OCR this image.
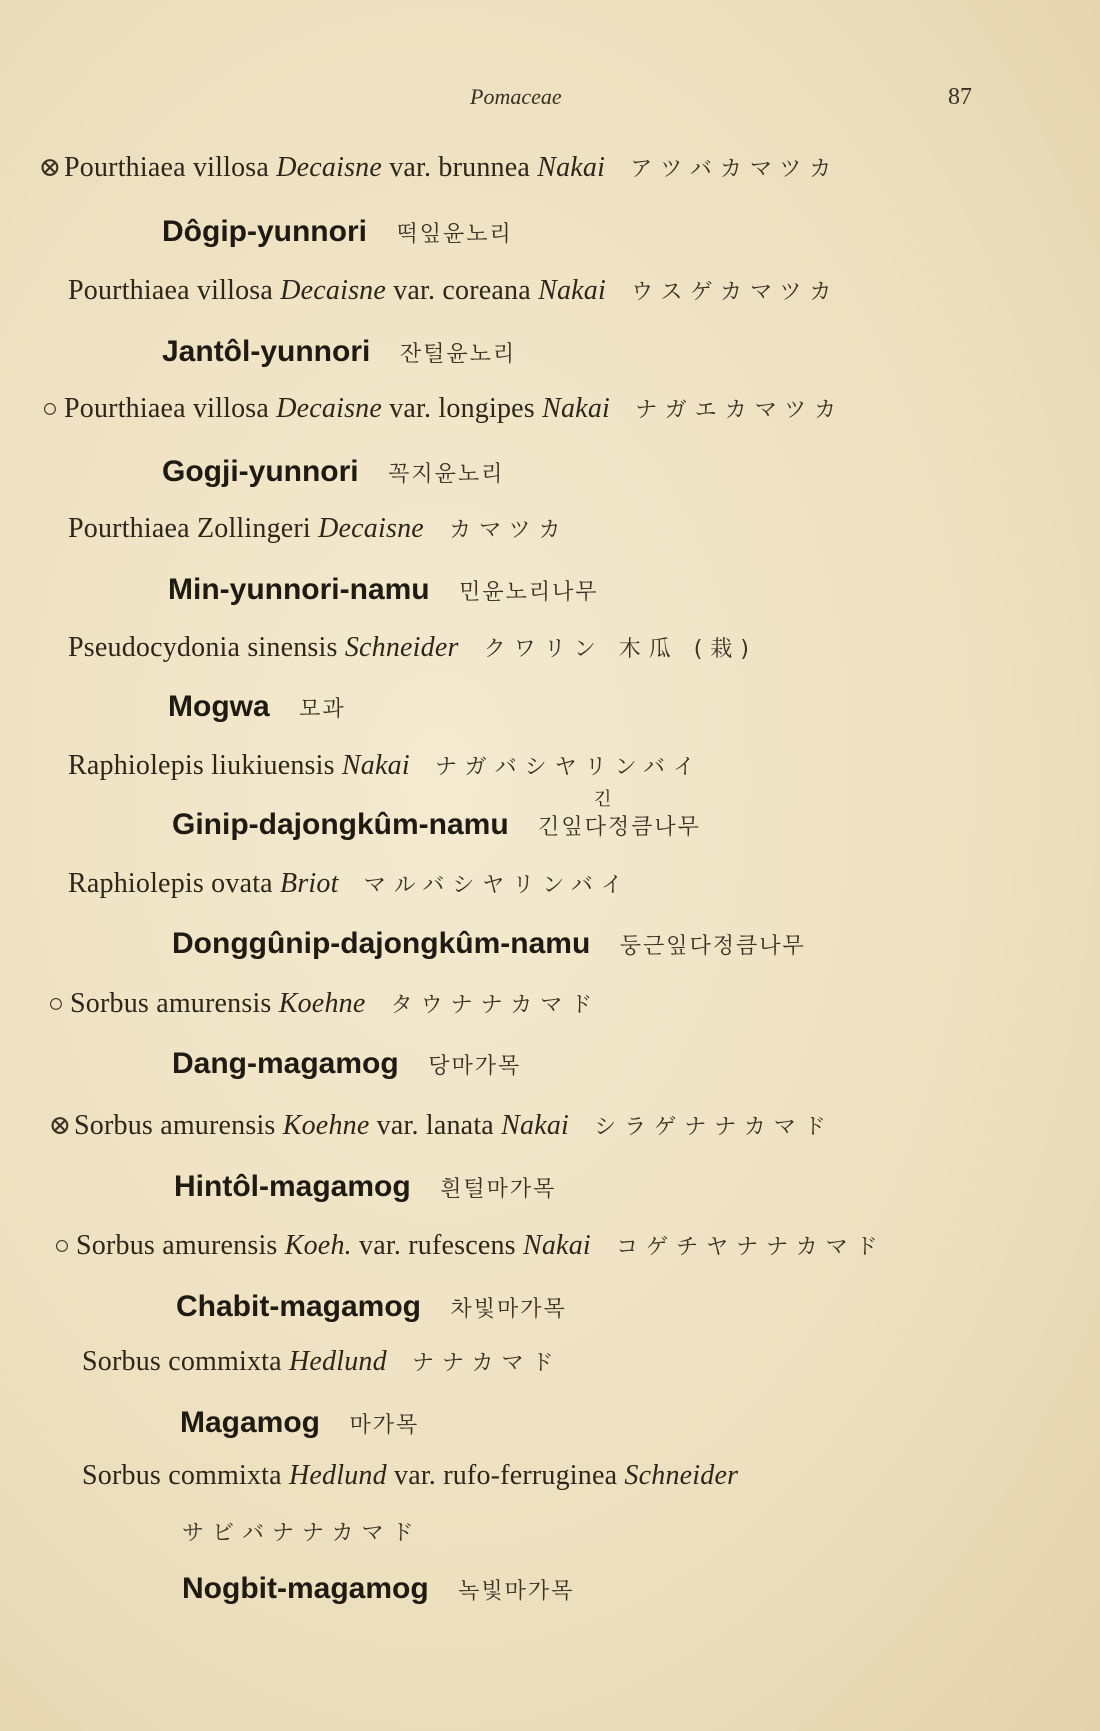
Pomaceae	87
⊗Pourthiaea villosa Decaisne var. brunnea Nakai アツバカマツカ
Dôgip-yunnori 떡잎윤노리
Pourthiaea villosa Decaisne var. coreana Nakai ウスゲカマツカ
Jantôl-yunnori 잔털윤노리
○ Pourthiaea villosa Decaisne var. longipes Nakai ナガエカマツカ
Gogji-yunnori 꼭지윤노리
Pourthiaea Zollingeri Decaisne カマツカ
Min-yunnori-namu 민윤노리나무
Pseudocydonia sinensis Schneider クワリン 木瓜 (栽)
Mogwa 모과
Raphiolepis liukiuensis Nakai ナガバシヤリンバイ
긴
Ginip-dajongkûm-namu 긴잎다정큼나무
Raphiolepis ovata Briot マルバシヤリンバイ
Donggûnip-dajongkûm-namu 둥근잎다정큼나무
○ Sorbus amurensis Koehne タウナナカマド
Dang-magamog 당마가목
⊗Sorbus amurensis Koehne var. lanata Nakai シラゲナナカマド
Hintôl-magamog 흰털마가목
○ Sorbus amurensis Koeh. var. rufescens Nakai コゲチヤナナカマド
Chabit-magamog 차빛마가목
Sorbus commixta Hedlund ナナカマド
Magamog 마가목
Sorbus commixta Hedlund var. rufo-ferruginea Schneider
サビバナナカマド
Nogbit-magamog 녹빛마가목
